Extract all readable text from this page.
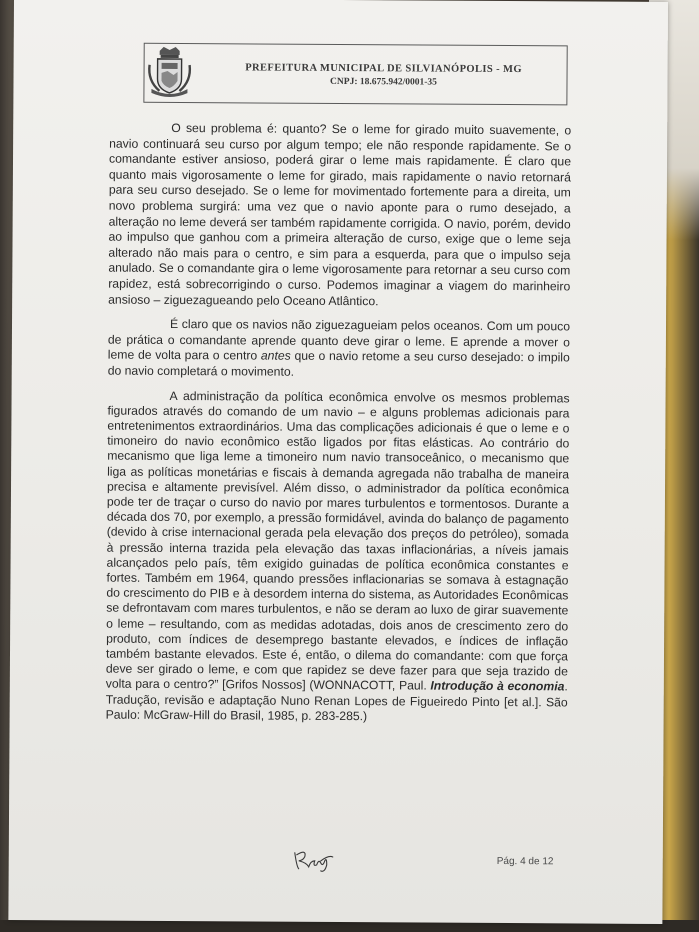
PREFEITURA MUNICIPAL DE SILVIANÓPOLIS - MG
CNPJ: 18.675.942/0001-35

O seu problema é: quanto? Se o leme for girado muito suavemente, o navio continuará seu curso por algum tempo; ele não responde rapidamente. Se o comandante estiver ansioso, poderá girar o leme mais rapidamente. É claro que quanto mais vigorosamente o leme for girado, mais rapidamente o navio retornará para seu curso desejado. Se o leme for movimentado fortemente para a direita, um novo problema surgirá: uma vez que o navio aponte para o rumo desejado, a alteração no leme deverá ser também rapidamente corrigida. O navio, porém, devido ao impulso que ganhou com a primeira alteração de curso, exige que o leme seja alterado não mais para o centro, e sim para a esquerda, para que o impulso seja anulado. Se o comandante gira o leme vigorosamente para retornar a seu curso com rapidez, está sobrecorrigindo o curso. Podemos imaginar a viagem do marinheiro ansioso – ziguezagueando pelo Oceano Atlântico.

É claro que os navios não ziguezagueiam pelos oceanos. Com um pouco de prática o comandante aprende quanto deve girar o leme. E aprende a mover o leme de volta para o centro antes que o navio retome a seu curso desejado: o impilo do navio completará o movimento.

A administração da política econômica envolve os mesmos problemas figurados através do comando de um navio – e alguns problemas adicionais para entretenimentos extraordinários. Uma das complicações adicionais é que o leme e o timoneiro do navio econômico estão ligados por fitas elásticas. Ao contrário do mecanismo que liga leme a timoneiro num navio transoceânico, o mecanismo que liga as políticas monetárias e fiscais à demanda agregada não trabalha de maneira precisa e altamente previsível. Além disso, o administrador da política econômica pode ter de traçar o curso do navio por mares turbulentos e tormentosos. Durante a década dos 70, por exemplo, a pressão formidável, avinda do balanço de pagamento (devido à crise internacional gerada pela elevação dos preços do petróleo), somada à pressão interna trazida pela elevação das taxas inflacionárias, a níveis jamais alcançados pelo país, têm exigido guinadas de política econômica constantes e fortes. Também em 1964, quando pressões inflacionarias se somava à estagnação do crescimento do PIB e à desordem interna do sistema, as Autoridades Econômicas se defrontavam com mares turbulentos, e não se deram ao luxo de girar suavemente o leme – resultando, com as medidas adotadas, dois anos de crescimento zero do produto, com índices de desemprego bastante elevados, e índices de inflação também bastante elevados. Este é, então, o dilema do comandante: com que força deve ser girado o leme, e com que rapidez se deve fazer para que seja trazido de volta para o centro?” [Grifos Nossos] (WONNACOTT, Paul. Introdução à economia. Tradução, revisão e adaptação Nuno Renan Lopes de Figueiredo Pinto [et al.]. São Paulo: McGraw-Hill do Brasil, 1985, p. 283-285.)

Pág. 4 de 12
